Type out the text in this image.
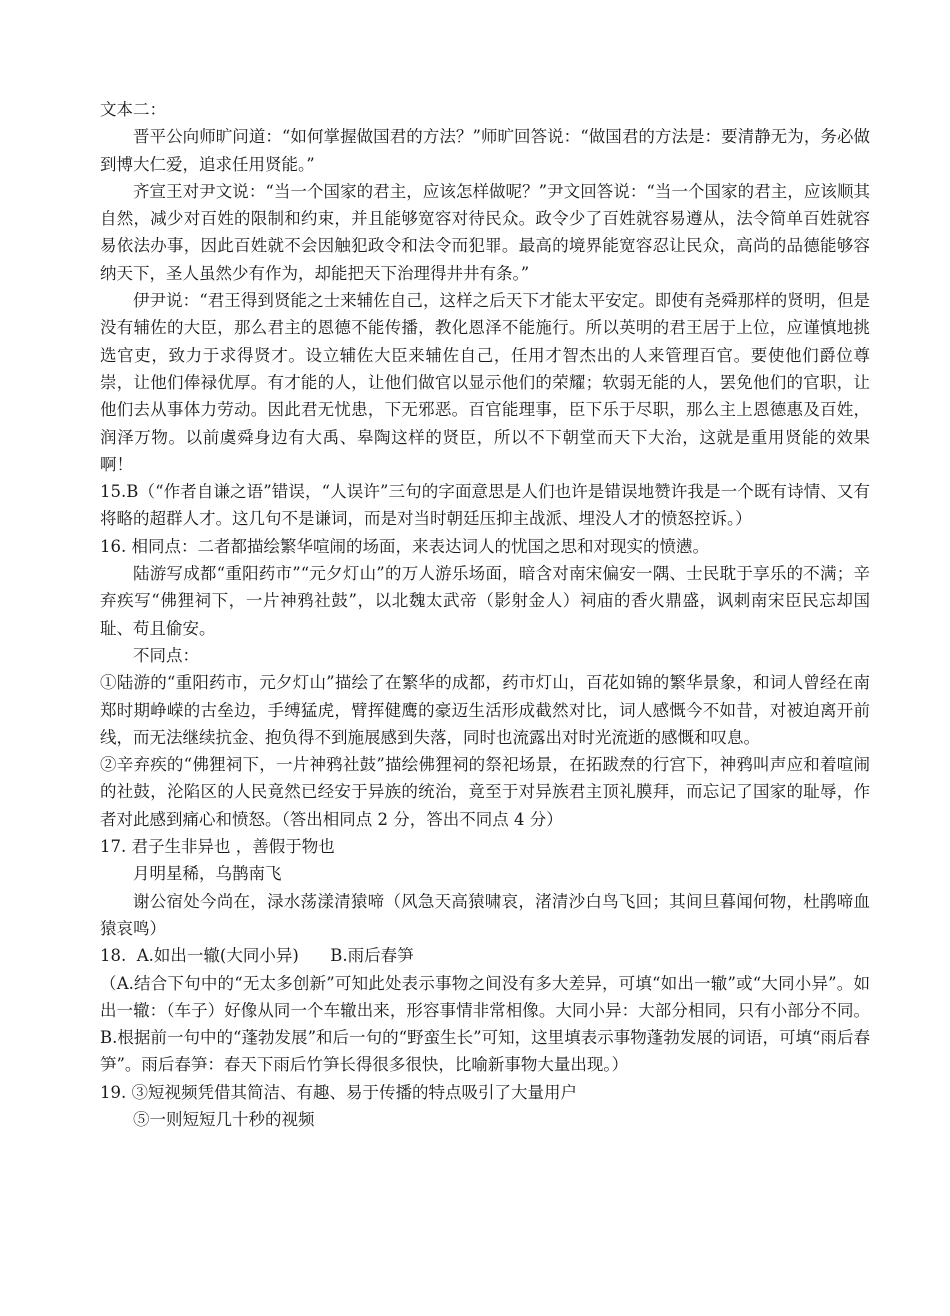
文本二：

晋平公向师旷问道：“如何掌握做国君的方法？”师旷回答说：“做国君的方法是：要清静无为，务必做到博大仁爱，追求任用贤能。”

齐宣王对尹文说：“当一个国家的君主，应该怎样做呢？”尹文回答说：“当一个国家的君主，应该顺其自然，减少对百姓的限制和约束，并且能够宽容对待民众。政令少了百姓就容易遵从，法令简单百姓就容易依法办事，因此百姓就不会因触犯政令和法令而犯罪。最高的境界能宽容忍让民众，高尚的品德能够容纳天下，圣人虽然少有作为，却能把天下治理得井井有条。”

伊尹说：“君王得到贤能之士来辅佐自己，这样之后天下才能太平安定。即使有尧舜那样的贤明，但是没有辅佐的大臣，那么君主的恩德不能传播，教化恩泽不能施行。所以英明的君王居于上位，应谨慎地挑选官吏，致力于求得贤才。设立辅佐大臣来辅佐自己，任用才智杰出的人来管理百官。要使他们爵位尊崇，让他们俸禄优厚。有才能的人，让他们做官以显示他们的荣耀；软弱无能的人，罢免他们的官职，让他们去从事体力劳动。因此君无忧患，下无邪恶。百官能理事，臣下乐于尽职，那么主上恩德惠及百姓，润泽万物。以前虞舜身边有大禹、皋陶这样的贤臣，所以不下朝堂而天下大治，这就是重用贤能的效果啊！

15.B（“作者自谦之语”错误，“人误许”三句的字面意思是人们也许是错误地赞许我是一个既有诗情、又有将略的超群人才。这几句不是谦词，而是对当时朝廷压抑主战派、埋没人才的愤怒控诉。）

16. 相同点：二者都描绘繁华喧闹的场面，来表达词人的忧国之思和对现实的愤懑。

陆游写成都“重阳药市”“元夕灯山”的万人游乐场面，暗含对南宋偏安一隅、士民耽于享乐的不满；辛弃疾写“佛狸祠下，一片神鸦社鼓”，以北魏太武帝（影射金人）祠庙的香火鼎盛，讽刺南宋臣民忘却国耻、苟且偷安。

不同点：

①陆游的“重阳药市，元夕灯山”描绘了在繁华的成都，药市灯山，百花如锦的繁华景象，和词人曾经在南郑时期峥嵘的古垒边，手缚猛虎，臂挥健鹰的豪迈生活形成截然对比，词人感慨今不如昔，对被迫离开前线，而无法继续抗金、抱负得不到施展感到失落，同时也流露出对时光流逝的感慨和叹息。

②辛弃疾的“佛狸祠下，一片神鸦社鼓”描绘佛狸祠的祭祀场景，在拓跋焘的行宫下，神鸦叫声应和着喧闹的社鼓，沦陷区的人民竟然已经安于异族的统治，竟至于对异族君主顶礼膜拜，而忘记了国家的耻辱，作者对此感到痛心和愤怒。（答出相同点 2 分，答出不同点 4 分）

17. 君子生非异也 ，善假于物也

月明星稀，乌鹊南飞

谢公宿处今尚在，渌水荡漾清猿啼（风急天高猿啸哀，渚清沙白鸟飞回；其间旦暮闻何物，杜鹃啼血猿哀鸣）

18.  A.如出一辙(大同小异)      B.雨后春笋

（A.结合下句中的“无太多创新”可知此处表示事物之间没有多大差异，可填“如出一辙”或“大同小异”。如出一辙：（车子）好像从同一个车辙出来，形容事情非常相像。大同小异：大部分相同，只有小部分不同。B.根据前一句中的“蓬勃发展”和后一句的“野蛮生长”可知，这里填表示事物蓬勃发展的词语，可填“雨后春笋”。雨后春笋：春天下雨后竹笋长得很多很快，比喻新事物大量出现。）

19. ③短视频凭借其简洁、有趣、易于传播的特点吸引了大量用户

⑤一则短短几十秒的视频
